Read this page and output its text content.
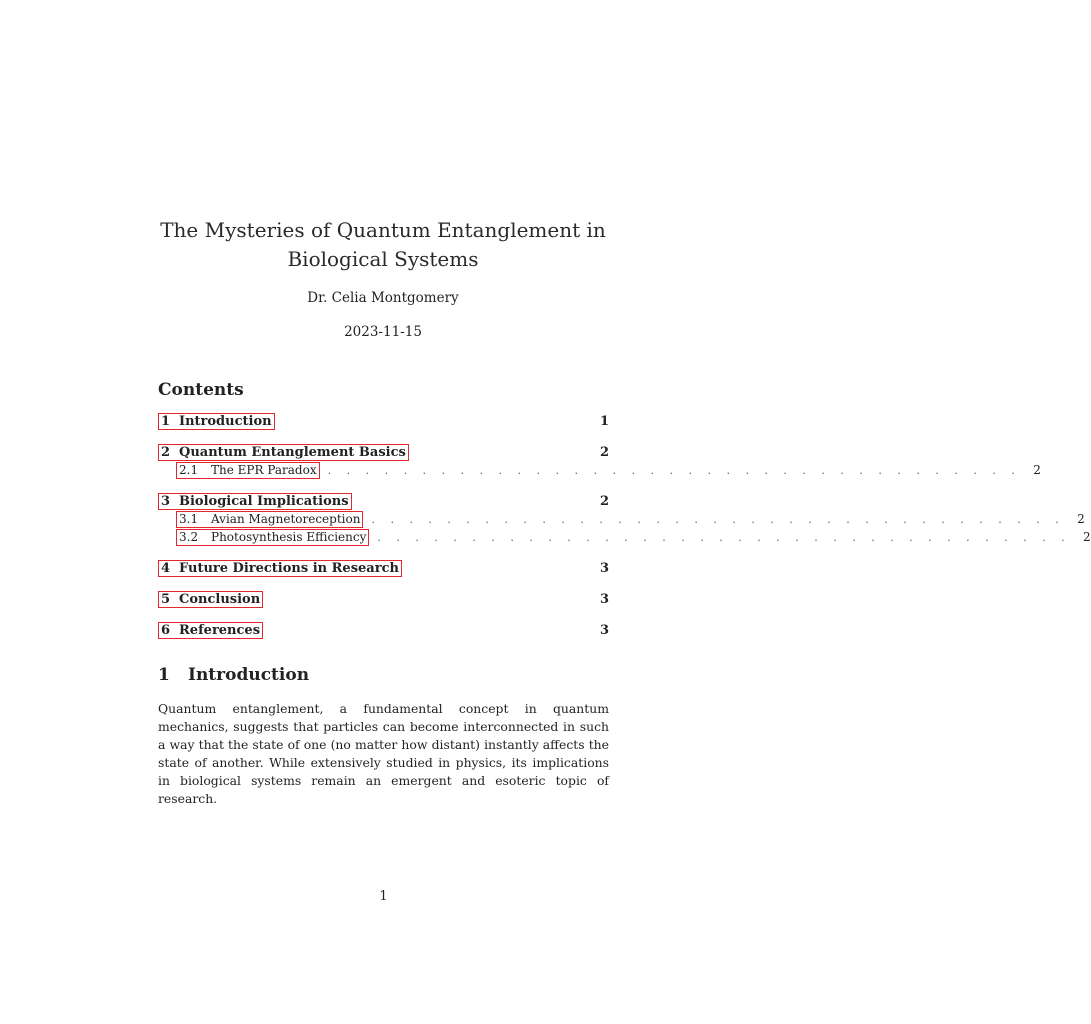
The Mysteries of Quantum Entanglement in
Biological Systems
Dr. Celia Montgomery
2023-11-15
Contents
1 Introduction	1
2 Quantum Entanglement Basics	2
2.1	The EPR Paradox . . . . . . . . . . . . . . . . . . . . . . . . . . . . . . . . . . . . . 2
3 Biological Implications	2
3.1	Avian Magnetoreception . . . . . . . . . . . . . . . . . . . . . . . . . . . . . . . . . . . . . 2
3.2	Photosynthesis Efficiency . . . . . . . . . . . . . . . . . . . . . . . . . . . . . . . . . . . . . 2
4 Future Directions in Research	3
5 Conclusion	3
6 References	3
1 Introduction
Quantum entanglement, a fundamental concept in quantum mechanics, suggests that particles can become interconnected in such a way that the state of one (no matter how distant) instantly affects the state of another. While extensively studied in physics, its implications in biological systems remain an emergent and esoteric topic of research.
1
